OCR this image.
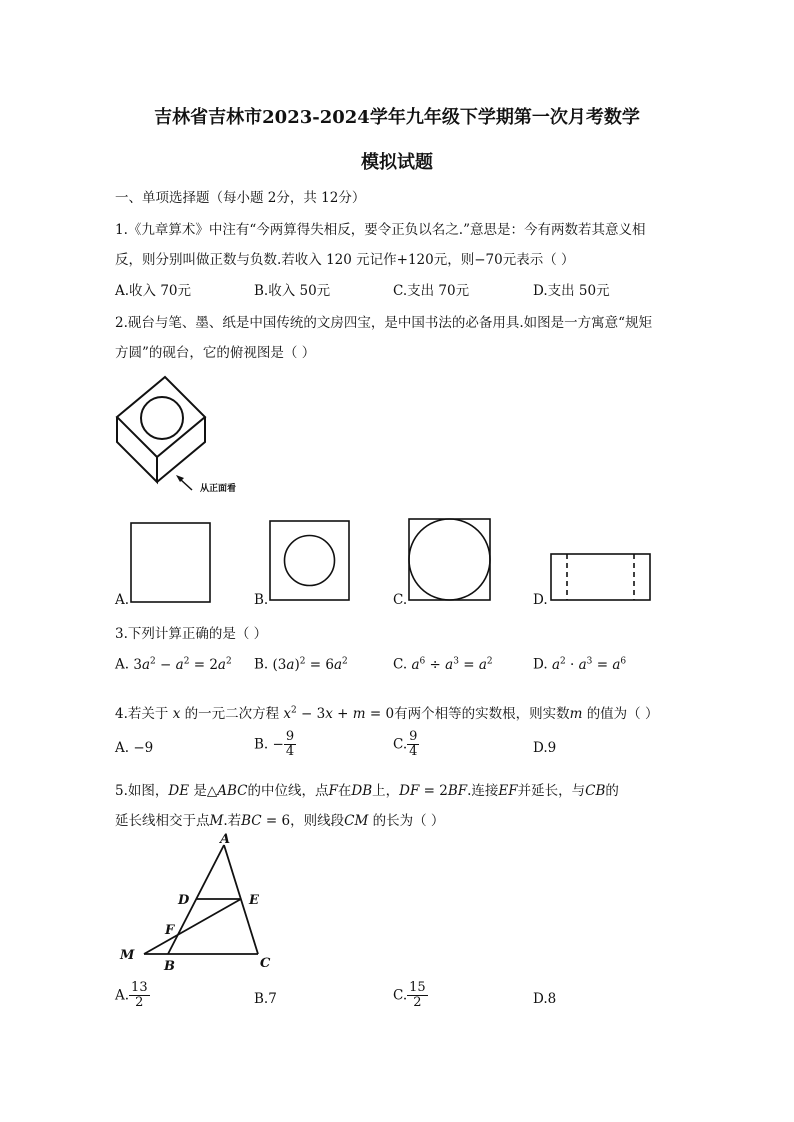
吉林省吉林市2023-2024学年九年级下学期第一次月考数学
模拟试题
一、单项选择题（每小题 2分，共 12分）
1.《九章算术》中注有“今两算得失相反，要令正负以名之.”意思是：今有两数若其意义相
反，则分别叫做正数与负数.若收入 120 元记作+120元，则−70元表示（ ）
A.收入 70元	B.收入 50元	C.支出 70元	D.支出 50元
2.砚台与笔、墨、纸是中国传统的文房四宝，是中国书法的必备用具.如图是一方寓意“规矩
方圆”的砚台，它的俯视图是（ ）
从正面看
A.	B.	C.	D.
3.下列计算正确的是（ ）
A. $3a^2 - a^2 = 2a^2$ B. $(3a)^2 = 6a^2$	C. $a^6 \div a^3 = a^2$	D. $a^2 \cdot a^3 = a^6$
4.若关于 x 的一元二次方程 $x^2 - 3x + m = 0$有两个相等的实数根，则实数m 的值为（ ）
A. −9	B. − $\frac{9}{4}$	C. $\frac{9}{4}$	D.9
5.如图，DE 是△ABC的中位线，点F在DB上，DF = 2BF.连接EF并延长，与CB的
延长线相交于点M.若BC = 6，则线段CM 的长为（ ）
A
D	E
F
M
B	C
A. $\frac{13}{2}$	B.7	C. $\frac{15}{2}$	D.8
